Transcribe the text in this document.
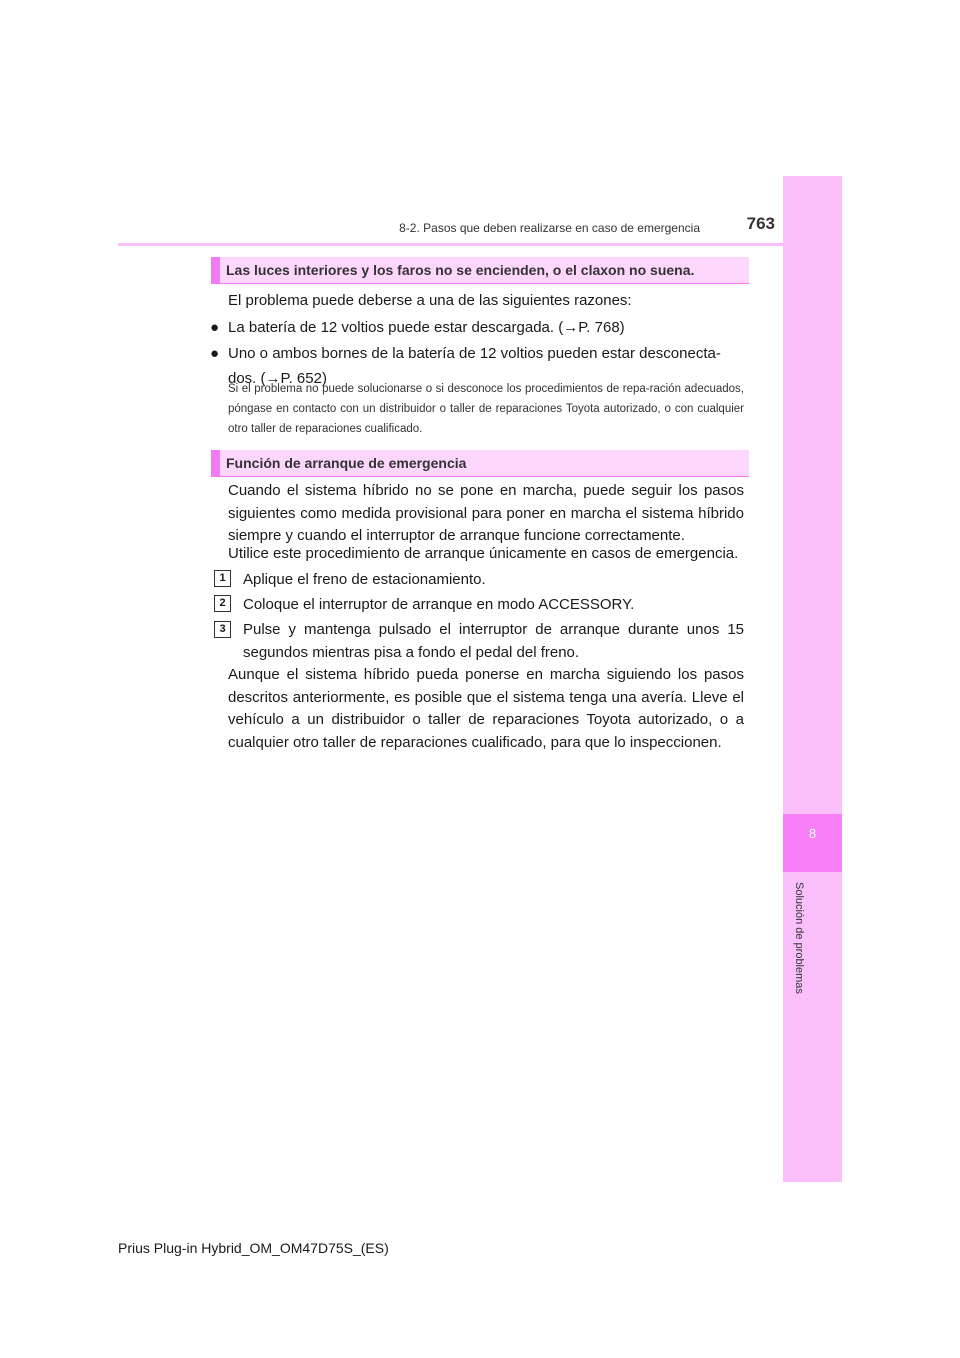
8
Solución de problemas
8-2. Pasos que deben realizarse en caso de emergencia	763
Las luces interiores y los faros no se encienden, o el claxon no suena.
El problema puede deberse a una de las siguientes razones:
● La batería de 12 voltios puede estar descargada. (→P. 768)
● Uno o ambos bornes de la batería de 12 voltios pueden estar desconecta-
dos. (→P. 652)
Si el problema no puede solucionarse o si desconoce los procedimientos de repa-ración adecuados, póngase en contacto con un distribuidor o taller de reparaciones Toyota autorizado, o con cualquier otro taller de reparaciones cualificado.
Función de arranque de emergencia
Cuando el sistema híbrido no se pone en marcha, puede seguir los pasos siguientes como medida provisional para poner en marcha el sistema híbrido siempre y cuando el interruptor de arranque funcione correctamente.
Utilice este procedimiento de arranque únicamente en casos de emergencia.
1	Aplique el freno de estacionamiento.
2	Coloque el interruptor de arranque en modo ACCESSORY.
3	Pulse y mantenga pulsado el interruptor de arranque durante unos 15 segundos mientras pisa a fondo el pedal del freno.
Aunque el sistema híbrido pueda ponerse en marcha siguiendo los pasos descritos anteriormente, es posible que el sistema tenga una avería. Lleve el vehículo a un distribuidor o taller de reparaciones Toyota autorizado, o a cualquier otro taller de reparaciones cualificado, para que lo inspeccionen.
Prius Plug-in Hybrid_OM_OM47D75S_(ES)
